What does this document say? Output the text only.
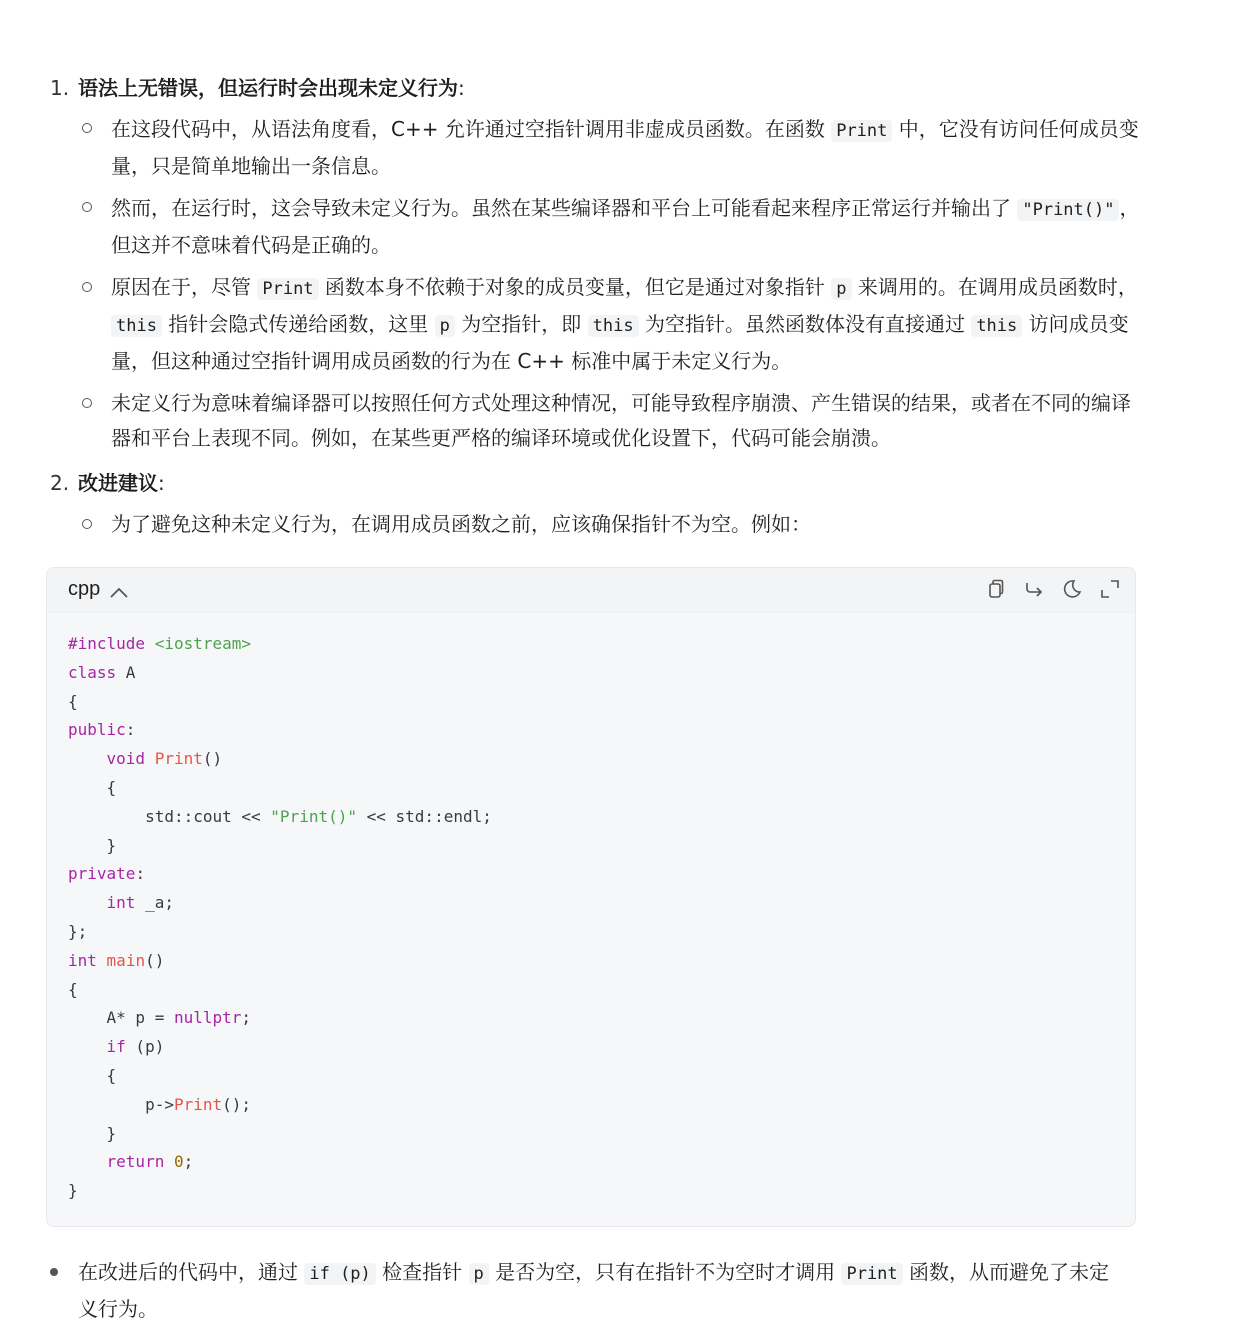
1. 语法上无错误，但运行时会出现未定义行为:
在这段代码中，从语法角度看，C++ 允许通过空指针调用非虚成员函数。在函数 Print 中，它没有访问任何成员变量，只是简单地输出一条信息。
然而，在运行时，这会导致未定义行为。虽然在某些编译器和平台上可能看起来程序正常运行并输出了 "Print()" ，但这并不意味着代码是正确的。
原因在于，尽管 Print 函数本身不依赖于对象的成员变量，但它是通过对象指针 p 来调用的。在调用成员函数时，this 指针会隐式传递给函数，这里 p 为空指针，即 this 为空指针。虽然函数体没有直接通过 this 访问成员变量，但这种通过空指针调用成员函数的行为在 C++ 标准中属于未定义行为。
未定义行为意味着编译器可以按照任何方式处理这种情况，可能导致程序崩溃、产生错误的结果，或者在不同的编译器和平台上表现不同。例如，在某些更严格的编译环境或优化设置下，代码可能会崩溃。
2. 改进建议:
为了避免这种未定义行为，在调用成员函数之前，应该确保指针不为空。例如：
cpp
#include <iostream>
class A
{
public:
void Print()
{
std::cout << "Print()" << std::endl;
}
private:
int _a;
};
int main()
{
A* p = nullptr;
if (p)
{
p->Print();
}
return 0;
}
在改进后的代码中，通过 if (p) 检查指针 p 是否为空，只有在指针不为空时才调用 Print 函数，从而避免了未定义行为。
